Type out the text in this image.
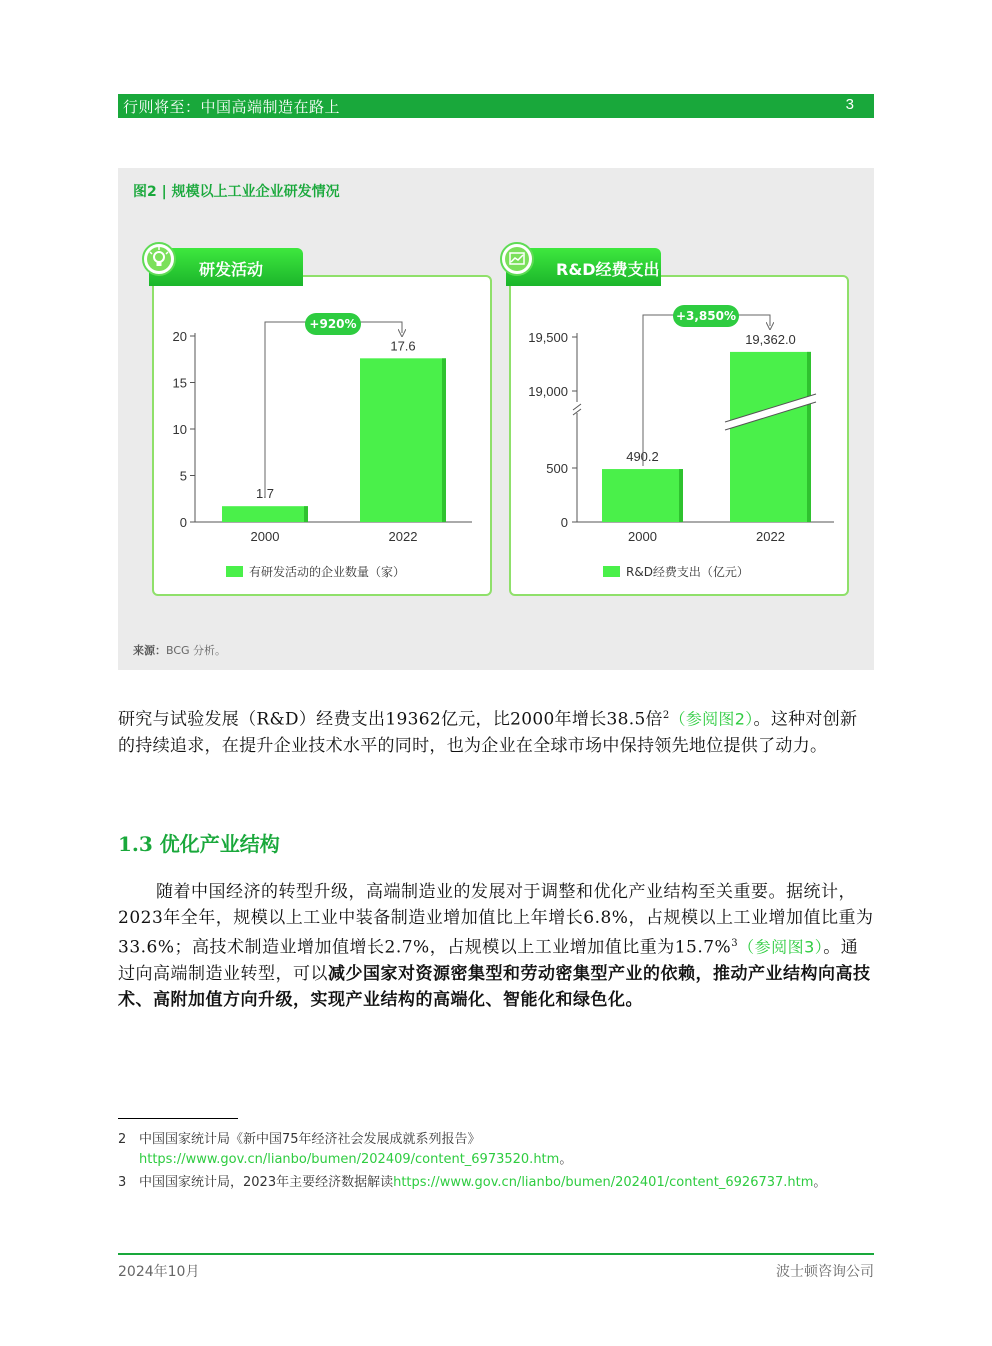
行则将至：中国高端制造在路上	3
图2 | 规模以上工业企业研发情况
来源：BCG 分析。
研发活动	R&D经费支出
0
5
10
15
20
1.7
2000
17.6
2022
+920%
0
500
19,000
19,500
490.2
2000
19,362.0
2022
+3,850%
有研发活动的企业数量（家）	R&D经费支出（亿元）
研究与试验发展（R&D）经费支出19362亿元，比2000年增长38.5倍$^2$（参阅图2）。这种对创新的持续追求，在提升企业技术水平的同时，也为企业在全球市场中保持领先地位提供了动力。
1.3 优化产业结构
随着中国经济的转型升级，高端制造业的发展对于调整和优化产业结构至关重要。据统计，2023年全年，规模以上工业中装备制造业增加值比上年增长6.8%，占规模以上工业增加值比重为33.6%；高技术制造业增加值增长2.7%，占规模以上工业增加值比重为15.7%$^3$（参阅图3）。通过向高端制造业转型，可以减少国家对资源密集型和劳动密集型产业的依赖，推动产业结构向高技术、高附加值方向升级，实现产业结构的高端化、智能化和绿色化。
2 中国国家统计局《新中国75年经济社会发展成就系列报告》https://www.gov.cn/lianbo/bumen/202409/content_6973520.htm。
3 中国国家统计局，2023年主要经济数据解读https://www.gov.cn/lianbo/bumen/202401/content_6926737.htm。
2024年10月	波士顿咨询公司
